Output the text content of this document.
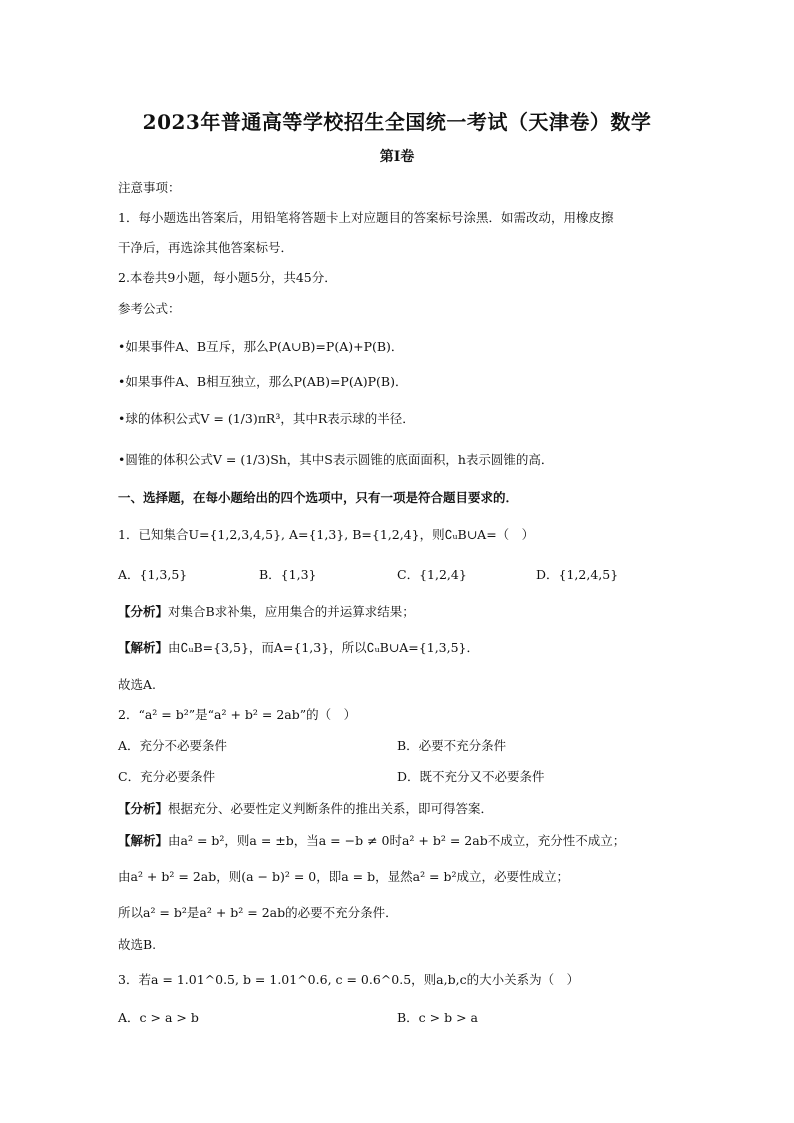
2023年普通高等学校招生全国统一考试（天津卷）数学
第Ⅰ卷
注意事项：
1．每小题选出答案后，用铅笔将答题卡上对应题目的答案标号涂黑．如需改动，用橡皮擦
干净后，再选涂其他答案标号．
2.本卷共9小题，每小题5分，共45分．
参考公式：
•如果事件A、B互斥，那么P(A∪B)=P(A)+P(B)．
•如果事件A、B相互独立，那么P(AB)=P(A)P(B)．
•球的体积公式V = (1/3)πR³，其中R表示球的半径．
•圆锥的体积公式V = (1/3)Sh，其中S表示圆锥的底面面积，h表示圆锥的高．
一、选择题，在每小题给出的四个选项中，只有一项是符合题目要求的．
1．已知集合U={1,2,3,4,5}, A={1,3}, B={1,2,4}，则∁ᵤB∪A=（　）
A．{1,3,5}	B．{1,3}	C．{1,2,4}	D．{1,2,4,5}
【分析】对集合B求补集，应用集合的并运算求结果；
【解析】由∁ᵤB={3,5}，而A={1,3}，所以∁ᵤB∪A={1,3,5}．
故选A.
2．“a² = b²”是“a² + b² = 2ab”的（　）
A．充分不必要条件	B．必要不充分条件
C．充分必要条件	D．既不充分又不必要条件
【分析】根据充分、必要性定义判断条件的推出关系，即可得答案．
【解析】由a² = b²，则a = ±b，当a = −b ≠ 0时a² + b² = 2ab不成立，充分性不成立；
由a² + b² = 2ab，则(a − b)² = 0，即a = b，显然a² = b²成立，必要性成立；
所以a² = b²是a² + b² = 2ab的必要不充分条件．
故选B.
3．若a = 1.01^0.5, b = 1.01^0.6, c = 0.6^0.5，则a,b,c的大小关系为（　）
A．c > a > b	B．c > b > a
